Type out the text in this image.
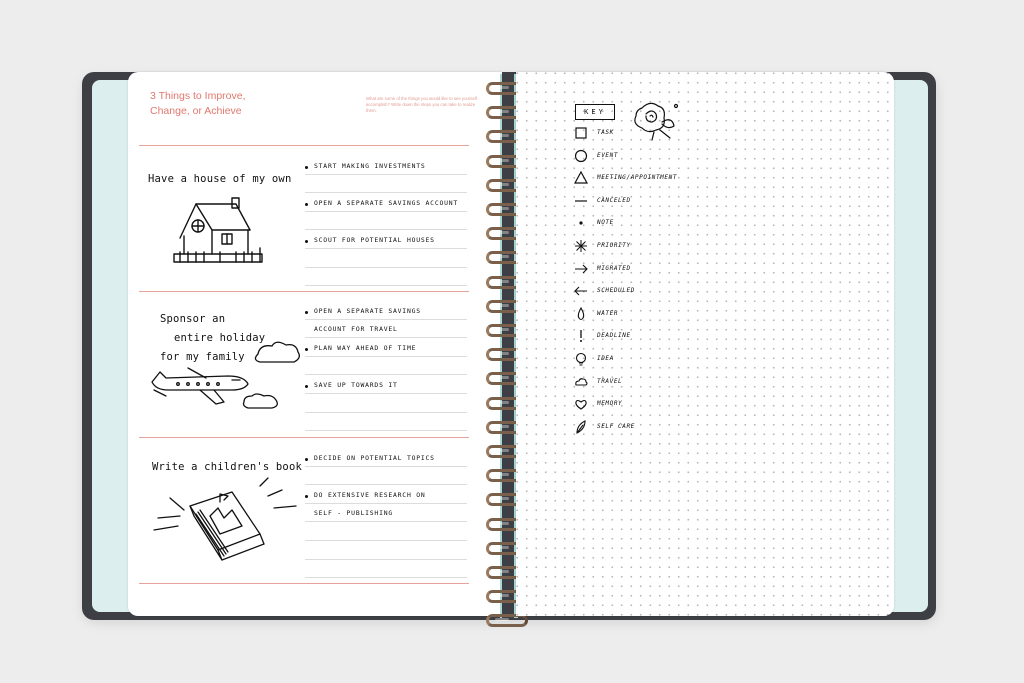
3 Things to Improve,
Change, or Achieve
What are some of the things you would like to see yourself accomplish? Write down the steps you can take to realize them.
Have a house of my own
START MAKING INVESTMENTS
OPEN A SEPARATE SAVINGS ACCOUNT
SCOUT FOR POTENTIAL HOUSES
Sponsor an
entire holiday
for my family
OPEN A SEPARATE SAVINGS
ACCOUNT FOR TRAVEL
PLAN WAY AHEAD OF TIME
SAVE UP TOWARDS IT
Write a children's book
DECIDE ON POTENTIAL TOPICS
DO EXTENSIVE RESEARCH ON
SELF - PUBLISHING
KEY
TASK
EVENT
MEETING/APPOINTMENT
CANCELED
NOTE
PRIORITY
MIGRATED
SCHEDULED
WATER
DEADLINE
IDEA
TRAVEL
MEMORY
SELF CARE
